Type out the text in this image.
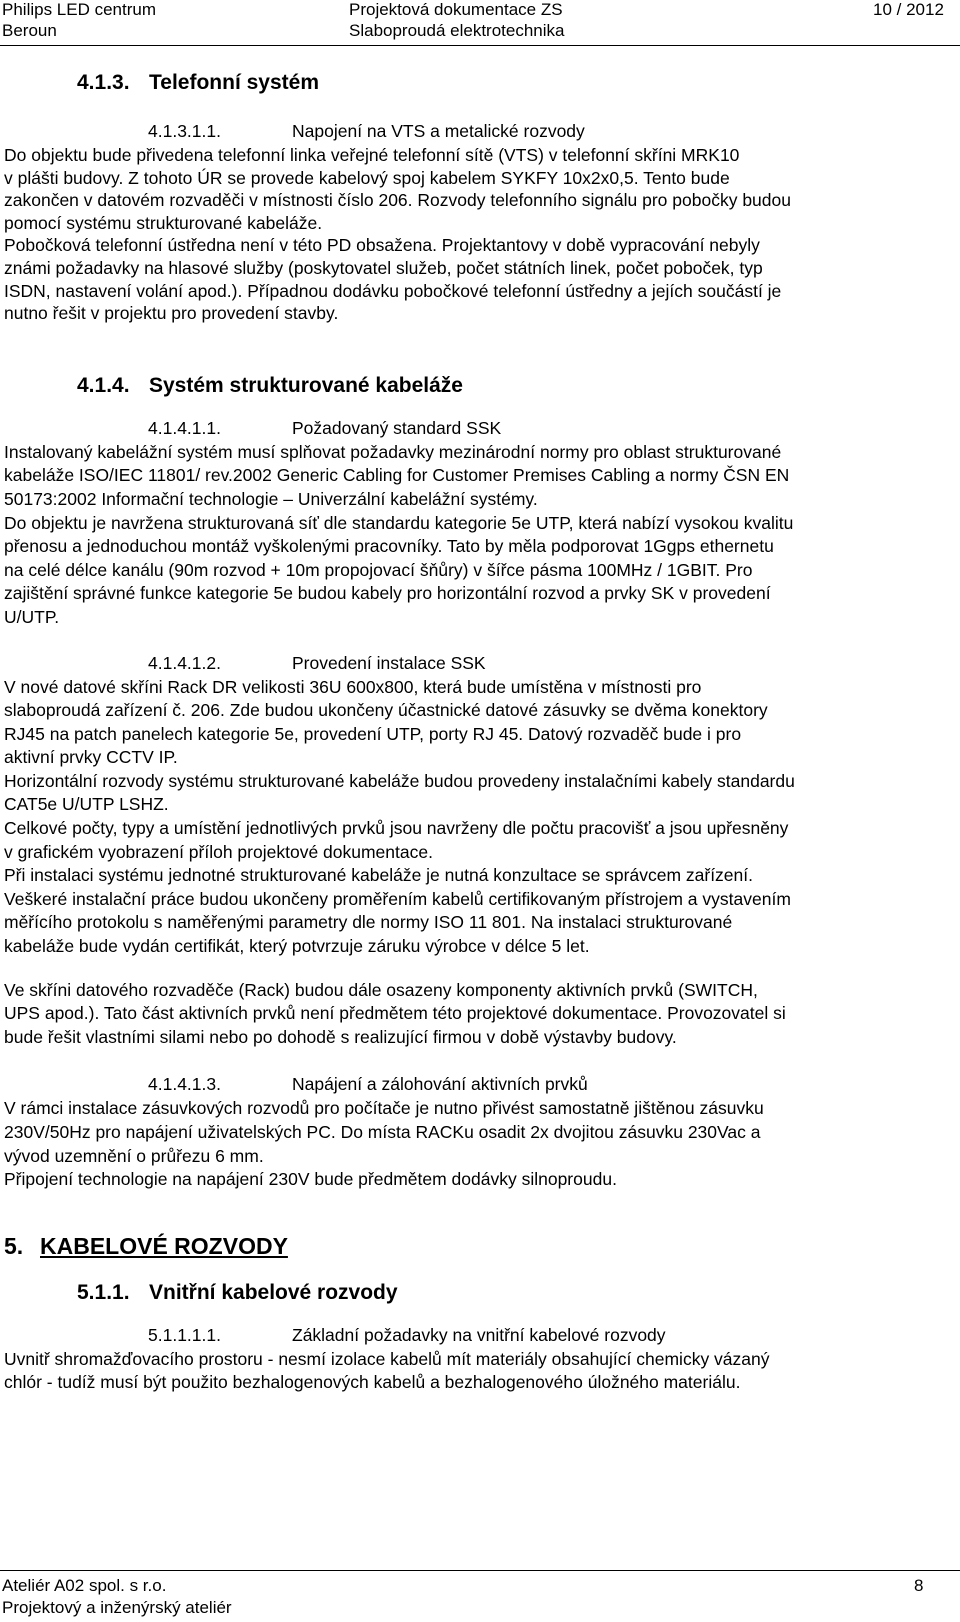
Philips LED centrum
Beroun
Projektová dokumentace ZS
Slaboproudá elektrotechnika
10 / 2012
4.1.3. Telefonní systém
4.1.3.1.1.	Napojení na VTS a metalické rozvody
Do objektu bude přivedena telefonní linka veřejné telefonní sítě (VTS) v telefonní skříni MRK10
v plášti budovy. Z tohoto ÚR se provede kabelový spoj kabelem SYKFY 10x2x0,5. Tento bude
zakončen v datovém rozvaděči v místnosti číslo 206. Rozvody telefonního signálu pro pobočky budou
pomocí systému strukturované kabeláže.
Pobočková telefonní ústředna není v této PD obsažena. Projektantovy v době vypracování nebyly
známi požadavky na hlasové služby (poskytovatel služeb, počet státních linek, počet poboček, typ
ISDN, nastavení volání apod.). Případnou dodávku pobočkové telefonní ústředny a jejích součástí je
nutno řešit v projektu pro provedení stavby.
4.1.4. Systém strukturované kabeláže
4.1.4.1.1.	Požadovaný standard SSK
Instalovaný kabelážní systém musí splňovat požadavky mezinárodní normy pro oblast strukturované
kabeláže ISO/IEC 11801/ rev.2002 Generic Cabling for Customer Premises Cabling a normy ČSN EN
50173:2002 Informační technologie – Univerzální kabelážní systémy.
Do objektu je navržena strukturovaná síť dle standardu kategorie 5e UTP, která nabízí vysokou kvalitu
přenosu a jednoduchou montáž vyškolenými pracovníky. Tato by měla podporovat 1Ggps ethernetu
na celé délce kanálu (90m rozvod + 10m propojovací šňůry) v šířce pásma 100MHz / 1GBIT. Pro
zajištění správné funkce kategorie 5e budou kabely pro horizontální rozvod a prvky SK v provedení
U/UTP.
4.1.4.1.2.	Provedení instalace SSK
V nové datové skříni Rack DR velikosti 36U 600x800, která bude umístěna v místnosti pro
slaboproudá zařízení č. 206. Zde budou ukončeny účastnické datové zásuvky se dvěma konektory
RJ45 na patch panelech kategorie 5e, provedení UTP, porty RJ 45. Datový rozvaděč bude i pro
aktivní prvky CCTV IP.
Horizontální rozvody systému strukturované kabeláže budou provedeny instalačními kabely standardu
CAT5e U/UTP LSHZ.
Celkové počty, typy a umístění jednotlivých prvků jsou navrženy dle počtu pracovišť a jsou upřesněny
v grafickém vyobrazení příloh projektové dokumentace.
Při instalaci systému jednotné strukturované kabeláže je nutná konzultace se správcem zařízení.
Veškeré instalační práce budou ukončeny proměřením kabelů certifikovaným přístrojem a vystavením
měřícího protokolu s naměřenými parametry dle normy ISO 11 801. Na instalaci strukturované
kabeláže bude vydán certifikát, který potvrzuje záruku výrobce v délce 5 let.
Ve skříni datového rozvaděče (Rack) budou dále osazeny komponenty aktivních prvků (SWITCH,
UPS apod.). Tato část aktivních prvků není předmětem této projektové dokumentace. Provozovatel si
bude řešit vlastními silami nebo po dohodě s realizující firmou v době výstavby budovy.
4.1.4.1.3.	Napájení a zálohování aktivních prvků
V rámci instalace zásuvkových rozvodů pro počítače je nutno přivést samostatně jištěnou zásuvku
230V/50Hz pro napájení uživatelských PC. Do místa RACKu osadit 2x dvojitou zásuvku 230Vac a
vývod uzemnění o průřezu 6 mm.
Připojení technologie na napájení 230V bude předmětem dodávky silnoproudu.
5. KABELOVÉ ROZVODY
5.1.1. Vnitřní kabelové rozvody
5.1.1.1.1.	Základní požadavky na vnitřní kabelové rozvody
Uvnitř shromažďovacího prostoru - nesmí izolace kabelů mít materiály obsahující chemicky vázaný
chlór - tudíž musí být použito bezhalogenových kabelů a bezhalogenového úložného materiálu.
Ateliér A02 spol. s r.o.
Projektový a inženýrský ateliér
8
